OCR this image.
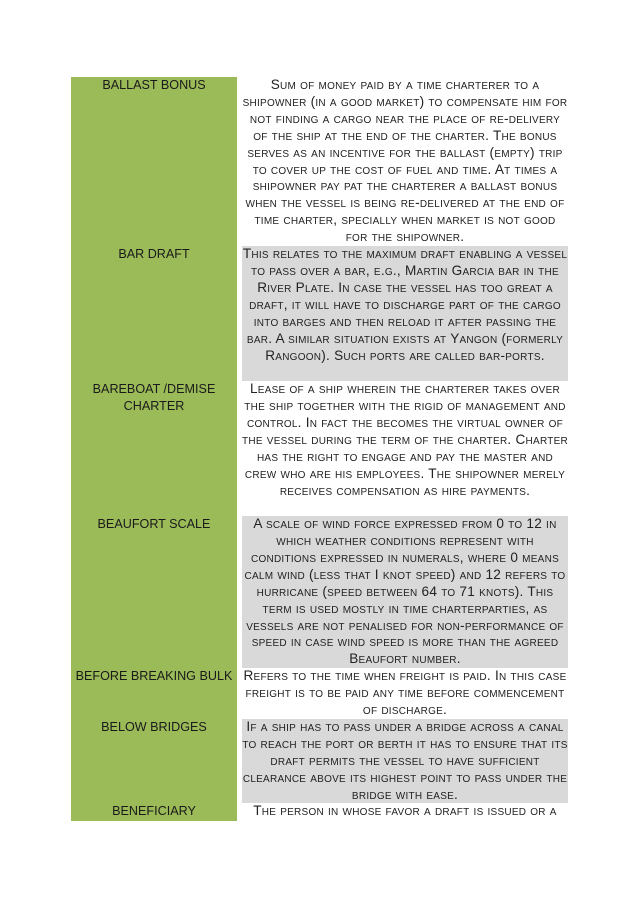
BALLAST BONUS		Sum of money paid by a time charterer to a shipowner (in a good market) to compensate him for not finding a cargo near the place of re-delivery of the ship at the end of the charter. The bonus serves as an incentive for the ballast (empty) trip to cover up the cost of fuel and time. At times a shipowner pay pat the charterer a ballast bonus when the vessel is being re-delivered at the end of time charter, specially when market is not good for the shipowner.
BAR DRAFT		This relates to the maximum draft enabling a vessel to pass over a bar, e.g., Martin Garcia bar in the River Plate. In case the vessel has too great a draft, it will have to discharge part of the cargo into barges and then reload it after passing the bar. A similar situation exists at Yangon (formerly Rangoon). Such ports are called bar-ports.
BAREBOAT /DEMISE CHARTER		Lease of a ship wherein the charterer takes over the ship together with the rigid of management and control. In fact the becomes the virtual owner of the vessel during the term of the charter. Charter has the right to engage and pay the master and crew who are his employees. The shipowner merely receives compensation as hire payments.
BEAUFORT SCALE		A scale of wind force expressed from 0 to 12 in which weather conditions represent with conditions expressed in numerals, where 0 means calm wind (less that I knot speed) and 12 refers to hurricane (speed between 64 to 71 knots). This term is used mostly in time charterparties, as vessels are not penalised for non-performance of speed in case wind speed is more than the agreed Beaufort number.
BEFORE BREAKING BULK		Refers to the time when freight is paid. In this case freight is to be paid any time before commencement of discharge.
BELOW BRIDGES		If a ship has to pass under a bridge across a canal to reach the port or berth it has to ensure that its draft permits the vessel to have sufficient clearance above its highest point to pass under the bridge with ease.
BENEFICIARY		The person in whose favor a draft is issued or a
